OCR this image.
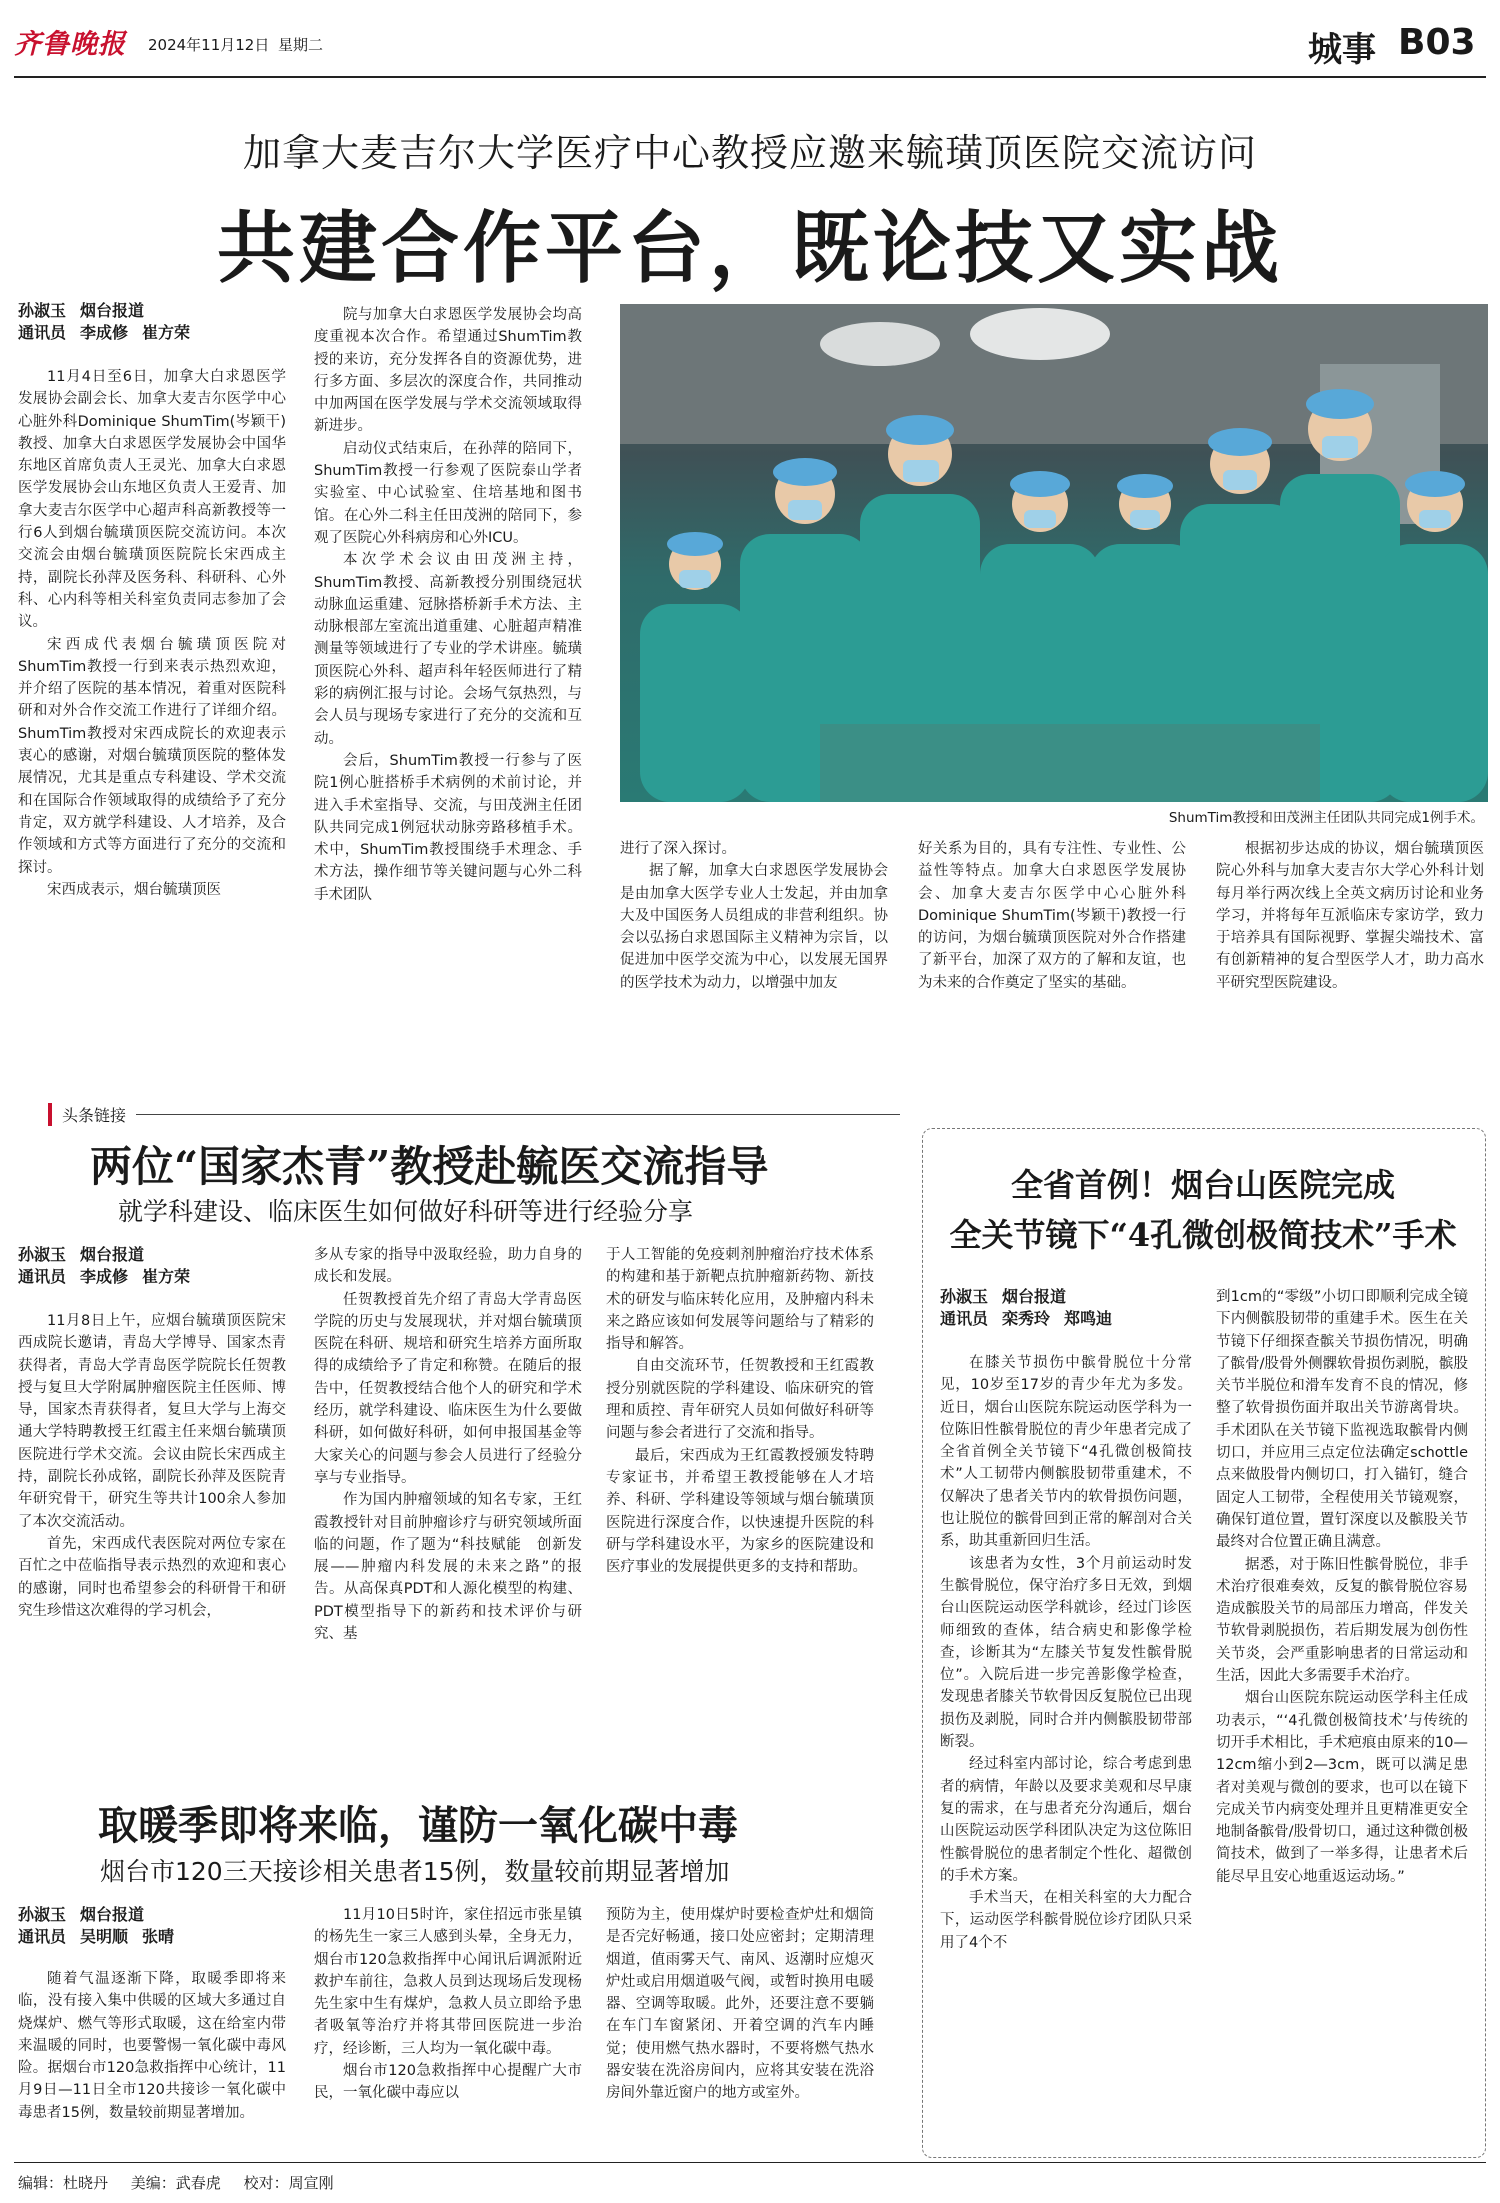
齐鲁晚报 2024年11月12日 星期二	城事 B03
加拿大麦吉尔大学医疗中心教授应邀来毓璜顶医院交流访问
共建合作平台，既论技又实战
孙淑玉 烟台报道
通讯员 李成修 崔方荣

11月4日至6日，加拿大白求恩医学发展协会副会长、加拿大麦吉尔医学中心心脏外科Dominique ShumTim(岑颖干)教授、加拿大白求恩医学发展协会中国华东地区首席负责人王灵光、加拿大白求恩医学发展协会山东地区负责人王爱青、加拿大麦吉尔医学中心超声科高新教授等一行6人到烟台毓璜顶医院交流访问。本次交流会由烟台毓璜顶医院院长宋西成主持，副院长孙萍及医务科、科研科、心外科、心内科等相关科室负责同志参加了会议。

宋西成代表烟台毓璜顶医院对ShumTim教授一行到来表示热烈欢迎，并介绍了医院的基本情况，着重对医院科研和对外合作交流工作进行了详细介绍。ShumTim教授对宋西成院长的欢迎表示衷心的感谢，对烟台毓璜顶医院的整体发展情况，尤其是重点专科建设、学术交流和在国际合作领域取得的成绩给予了充分肯定，双方就学科建设、人才培养，及合作领域和方式等方面进行了充分的交流和探讨。

宋西成表示，烟台毓璜顶医

院与加拿大白求恩医学发展协会均高度重视本次合作。希望通过ShumTim教授的来访，充分发挥各自的资源优势，进行多方面、多层次的深度合作，共同推动中加两国在医学发展与学术交流领域取得新进步。

启动仪式结束后，在孙萍的陪同下，ShumTim教授一行参观了医院泰山学者实验室、中心试验室、住培基地和图书馆。在心外二科主任田茂洲的陪同下，参观了医院心外科病房和心外ICU。

本次学术会议由田茂洲主持，ShumTim教授、高新教授分别围绕冠状动脉血运重建、冠脉搭桥新手术方法、主动脉根部左室流出道重建、心脏超声精准测量等领域进行了专业的学术讲座。毓璜顶医院心外科、超声科年轻医师进行了精彩的病例汇报与讨论。会场气氛热烈，与会人员与现场专家进行了充分的交流和互动。

会后，ShumTim教授一行参与了医院1例心脏搭桥手术病例的术前讨论，并进入手术室指导、交流，与田茂洲主任团队共同完成1例冠状动脉旁路移植手术。术中，ShumTim教授围绕手术理念、手术方法，操作细节等关键问题与心外二科手术团队

ShumTim教授和田茂洲主任团队共同完成1例手术。

进行了深入探讨。

据了解，加拿大白求恩医学发展协会是由加拿大医学专业人士发起，并由加拿大及中国医务人员组成的非营利组织。协会以弘扬白求恩国际主义精神为宗旨，以促进加中医学交流为中心，以发展无国界的医学技术为动力，以增强中加友

好关系为目的，具有专注性、专业性、公益性等特点。加拿大白求恩医学发展协会、加拿大麦吉尔医学中心心脏外科Dominique ShumTim(岑颖干)教授一行的访问，为烟台毓璜顶医院对外合作搭建了新平台，加深了双方的了解和友谊，也为未来的合作奠定了坚实的基础。

根据初步达成的协议，烟台毓璜顶医院心外科与加拿大麦吉尔大学心外科计划每月举行两次线上全英文病历讨论和业务学习，并将每年互派临床专家访学，致力于培养具有国际视野、掌握尖端技术、富有创新精神的复合型医学人才，助力高水平研究型医院建设。

头条链接
两位“国家杰青”教授赴毓医交流指导
就学科建设、临床医生如何做好科研等进行经验分享
孙淑玉 烟台报道
通讯员 李成修 崔方荣

11月8日上午，应烟台毓璜顶医院宋西成院长邀请，青岛大学博导、国家杰青获得者，青岛大学青岛医学院院长任贺教授与复旦大学附属肿瘤医院主任医师、博导，国家杰青获得者，复旦大学与上海交通大学特聘教授王红霞主任来烟台毓璜顶医院进行学术交流。会议由院长宋西成主持，副院长孙成铭，副院长孙萍及医院青年研究骨干，研究生等共计100余人参加了本次交流活动。

首先，宋西成代表医院对两位专家在百忙之中莅临指导表示热烈的欢迎和衷心的感谢，同时也希望参会的科研骨干和研究生珍惜这次难得的学习机会，

多从专家的指导中汲取经验，助力自身的成长和发展。

任贺教授首先介绍了青岛大学青岛医学院的历史与发展现状，并对烟台毓璜顶医院在科研、规培和研究生培养方面所取得的成绩给予了肯定和称赞。在随后的报告中，任贺教授结合他个人的研究和学术经历，就学科建设、临床医生为什么要做科研，如何做好科研，如何申报国基金等大家关心的问题与参会人员进行了经验分享与专业指导。

作为国内肿瘤领域的知名专家，王红霞教授针对目前肿瘤诊疗与研究领域所面临的问题，作了题为“科技赋能　创新发展——肿瘤内科发展的未来之路”的报告。从高保真PDT和人源化模型的构建、PDT模型指导下的新药和技术评价与研究、基

于人工智能的免疫刺剂肿瘤治疗技术体系的构建和基于新靶点抗肿瘤新药物、新技术的研发与临床转化应用，及肿瘤内科未来之路应该如何发展等问题给与了精彩的指导和解答。

自由交流环节，任贺教授和王红霞教授分别就医院的学科建设、临床研究的管理和质控、青年研究人员如何做好科研等问题与参会者进行了交流和指导。

最后，宋西成为王红霞教授颁发特聘专家证书，并希望王教授能够在人才培养、科研、学科建设等领域与烟台毓璜顶医院进行深度合作，以快速提升医院的科研与学科建设水平，为家乡的医院建设和医疗事业的发展提供更多的支持和帮助。

取暖季即将来临，谨防一氧化碳中毒
烟台市120三天接诊相关患者15例，数量较前期显著增加
孙淑玉 烟台报道
通讯员 吴明顺 张晴

随着气温逐渐下降，取暖季即将来临，没有接入集中供暖的区域大多通过自烧煤炉、燃气等形式取暖，这在给室内带来温暖的同时，也要警惕一氧化碳中毒风险。据烟台市120急救指挥中心统计，11月9日—11日全市120共接诊一氧化碳中毒患者15例，数量较前期显著增加。

11月10日5时许，家住招远市张星镇的杨先生一家三人感到头晕，全身无力，烟台市120急救指挥中心闻讯后调派附近救护车前往，急救人员到达现场后发现杨先生家中生有煤炉，急救人员立即给予患者吸氧等治疗并将其带回医院进一步治疗，经诊断，三人均为一氧化碳中毒。

烟台市120急救指挥中心提醒广大市民，一氧化碳中毒应以

预防为主，使用煤炉时要检查炉灶和烟筒是否完好畅通，接口处应密封；定期清理烟道，值雨雾天气、南风、返潮时应熄灭炉灶或启用烟道吸气阀，或暂时换用电暖器、空调等取暖。此外，还要注意不要躺在车门车窗紧闭、开着空调的汽车内睡觉；使用燃气热水器时，不要将燃气热水器安装在洗浴房间内，应将其安装在洗浴房间外靠近窗户的地方或室外。

全省首例！烟台山医院完成
全关节镜下“4孔微创极简技术”手术
孙淑玉 烟台报道
通讯员 栾秀玲 郑鸣迪

在膝关节损伤中髌骨脱位十分常见，10岁至17岁的青少年尤为多发。近日，烟台山医院东院运动医学科为一位陈旧性髌骨脱位的青少年患者完成了全省首例全关节镜下“4孔微创极简技术”人工韧带内侧髌股韧带重建术，不仅解决了患者关节内的软骨损伤问题，也让脱位的髌骨回到正常的解剖对合关系，助其重新回归生活。

该患者为女性，3个月前运动时发生髌骨脱位，保守治疗多日无效，到烟台山医院运动医学科就诊，经过门诊医师细致的查体，结合病史和影像学检查，诊断其为“左膝关节复发性髌骨脱位”。入院后进一步完善影像学检查，发现患者膝关节软骨因反复脱位已出现损伤及剥脱，同时合并内侧髌股韧带部断裂。

经过科室内部讨论，综合考虑到患者的病情，年龄以及要求美观和尽早康复的需求，在与患者充分沟通后，烟台山医院运动医学科团队决定为这位陈旧性髌骨脱位的患者制定个性化、超微创的手术方案。

手术当天，在相关科室的大力配合下，运动医学科髌骨脱位诊疗团队只采用了4个不

到1cm的“零级”小切口即顺利完成全镜下内侧髌股韧带的重建手术。医生在关节镜下仔细探查髌关节损伤情况，明确了髌骨/股骨外侧髁软骨损伤剥脱，髌股关节半脱位和滑车发育不良的情况，修整了软骨损伤面并取出关节游离骨块。手术团队在关节镜下监视选取髌骨内侧切口，并应用三点定位法确定schottle点来做股骨内侧切口，打入锚钉，缝合固定人工韧带，全程使用关节镜观察，确保钉道位置，置钉深度以及髌股关节最终对合位置正确且满意。

据悉，对于陈旧性髌骨脱位，非手术治疗很难奏效，反复的髌骨脱位容易造成髌股关节的局部压力增高，伴发关节软骨剥脱损伤，若后期发展为创伤性关节炎，会严重影响患者的日常运动和生活，因此大多需要手术治疗。

烟台山医院东院运动医学科主任成功表示，“‘4孔微创极简技术’与传统的切开手术相比，手术疤痕由原来的10—12cm缩小到2—3cm，既可以满足患者对美观与微创的要求，也可以在镜下完成关节内病变处理并且更精准更安全地制备髌骨/股骨切口，通过这种微创极简技术，做到了一举多得，让患者术后能尽早且安心地重返运动场。”

编辑：杜晓丹 美编：武春虎 校对：周宣刚
